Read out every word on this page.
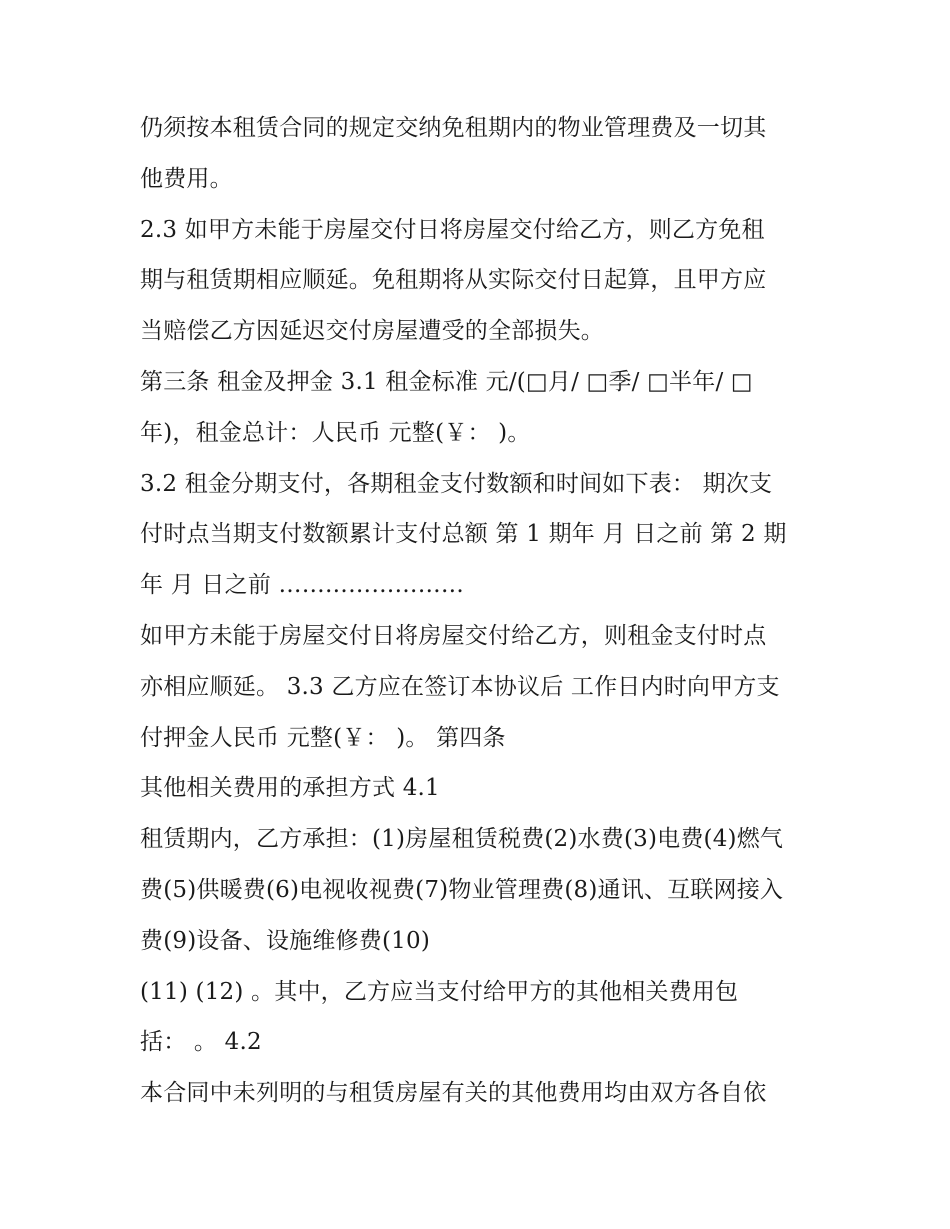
仍须按本租赁合同的规定交纳免租期内的物业管理费及一切其
他费用。
2.3 如甲方未能于房屋交付日将房屋交付给乙方，则乙方免租
期与租赁期相应顺延。免租期将从实际交付日起算，且甲方应
当赔偿乙方因延迟交付房屋遭受的全部损失。
第三条 租金及押金 3.1 租金标准 元/(□月/ □季/ □半年/ □
年)，租金总计：人民币 元整(￥： )。
3.2 租金分期支付，各期租金支付数额和时间如下表： 期次支
付时点当期支付数额累计支付总额 第 1 期年 月 日之前 第 2 期
年 月 日之前 ……………………
如甲方未能于房屋交付日将房屋交付给乙方，则租金支付时点
亦相应顺延。 3.3 乙方应在签订本协议后 工作日内时向甲方支
付押金人民币 元整(￥： )。 第四条
其他相关费用的承担方式 4.1
租赁期内，乙方承担：(1)房屋租赁税费(2)水费(3)电费(4)燃气
费(5)供暖费(6)电视收视费(7)物业管理费(8)通讯、互联网接入
费(9)设备、设施维修费(10)
(11) (12) 。其中，乙方应当支付给甲方的其他相关费用包
括： 。 4.2
本合同中未列明的与租赁房屋有关的其他费用均由双方各自依
